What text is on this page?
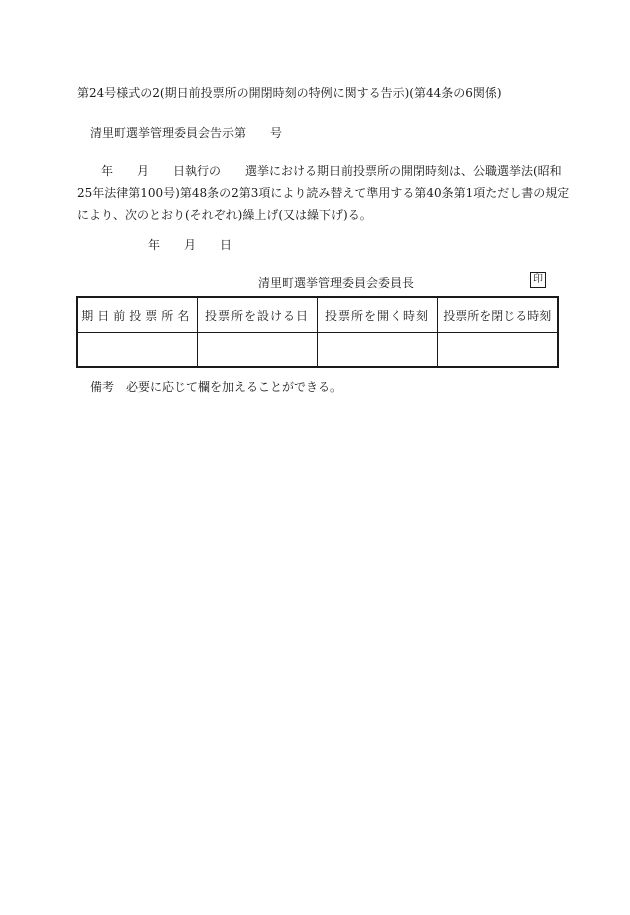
第24号様式の2(期日前投票所の開閉時刻の特例に関する告示)(第44条の6関係)
清里町選挙管理委員会告示第　　号
　　年　　月　　日執行の　　選挙における期日前投票所の開閉時刻は、公職選挙法(昭和
25年法律第100号)第48条の2第3項により読み替えて準用する第40条第1項ただし書の規定
により、次のとおり(それぞれ)繰上げ(又は繰下げ)る。
年　　月　　日
清里町選挙管理委員会委員長	印
期日前投票所名	投票所を設ける日	投票所を開く時刻	投票所を閉じる時刻

備考　必要に応じて欄を加えることができる。
